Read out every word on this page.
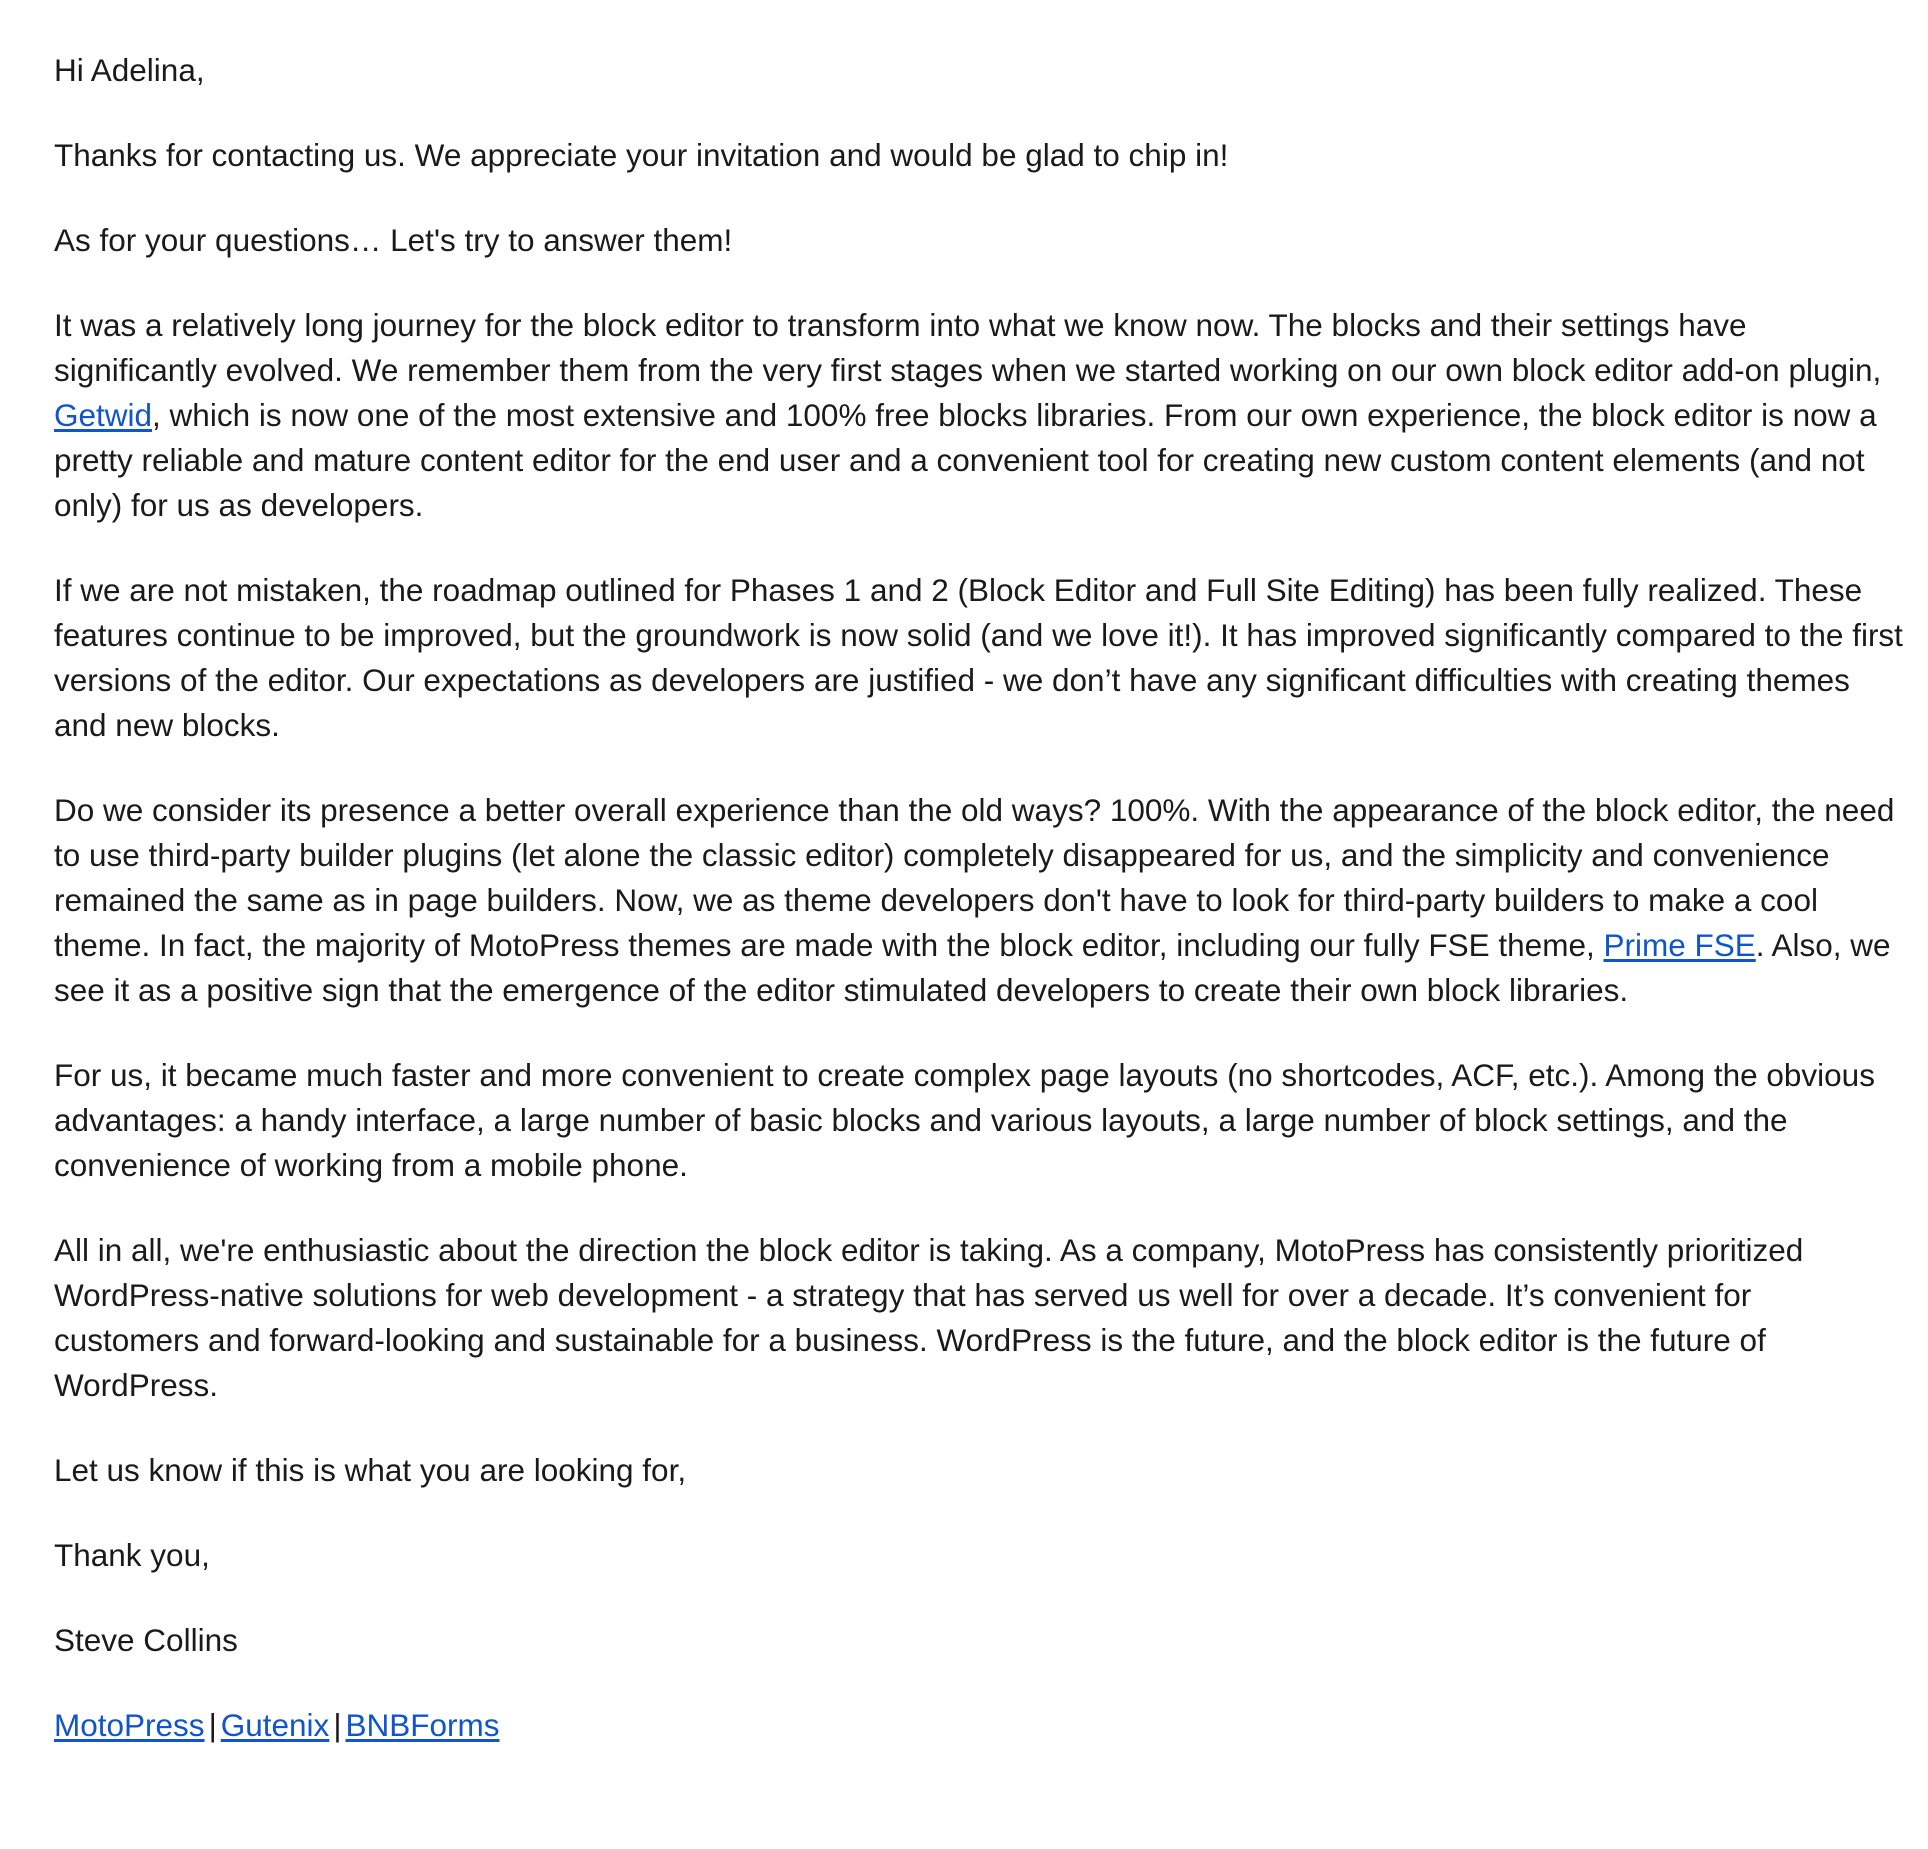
Hi Adelina,

Thanks for contacting us. We appreciate your invitation and would be glad to chip in!

As for your questions… Let's try to answer them!

It was a relatively long journey for the block editor to transform into what we know now. The blocks and their settings have significantly evolved. We remember them from the very first stages when we started working on our own block editor add-on plugin, Getwid, which is now one of the most extensive and 100% free blocks libraries. From our own experience, the block editor is now a pretty reliable and mature content editor for the end user and a convenient tool for creating new custom content elements (and not only) for us as developers.

If we are not mistaken, the roadmap outlined for Phases 1 and 2 (Block Editor and Full Site Editing) has been fully realized. These features continue to be improved, but the groundwork is now solid (and we love it!). It has improved significantly compared to the first versions of the editor. Our expectations as developers are justified - we don’t have any significant difficulties with creating themes and new blocks.

Do we consider its presence a better overall experience than the old ways? 100%. With the appearance of the block editor, the need to use third-party builder plugins (let alone the classic editor) completely disappeared for us, and the simplicity and convenience remained the same as in page builders. Now, we as theme developers don't have to look for third-party builders to make a cool theme. In fact, the majority of MotoPress themes are made with the block editor, including our fully FSE theme, Prime FSE. Also, we see it as a positive sign that the emergence of the editor stimulated developers to create their own block libraries.

For us, it became much faster and more convenient to create complex page layouts (no shortcodes, ACF, etc.). Among the obvious advantages: a handy interface, a large number of basic blocks and various layouts, a large number of block settings, and the convenience of working from a mobile phone.

All in all, we're enthusiastic about the direction the block editor is taking. As a company, MotoPress has consistently prioritized WordPress-native solutions for web development - a strategy that has served us well for over a decade. It’s convenient for customers and forward-looking and sustainable for a business. WordPress is the future, and the block editor is the future of WordPress.

Let us know if this is what you are looking for,

Thank you,

Steve Collins

MotoPress | Gutenix | BNBForms
